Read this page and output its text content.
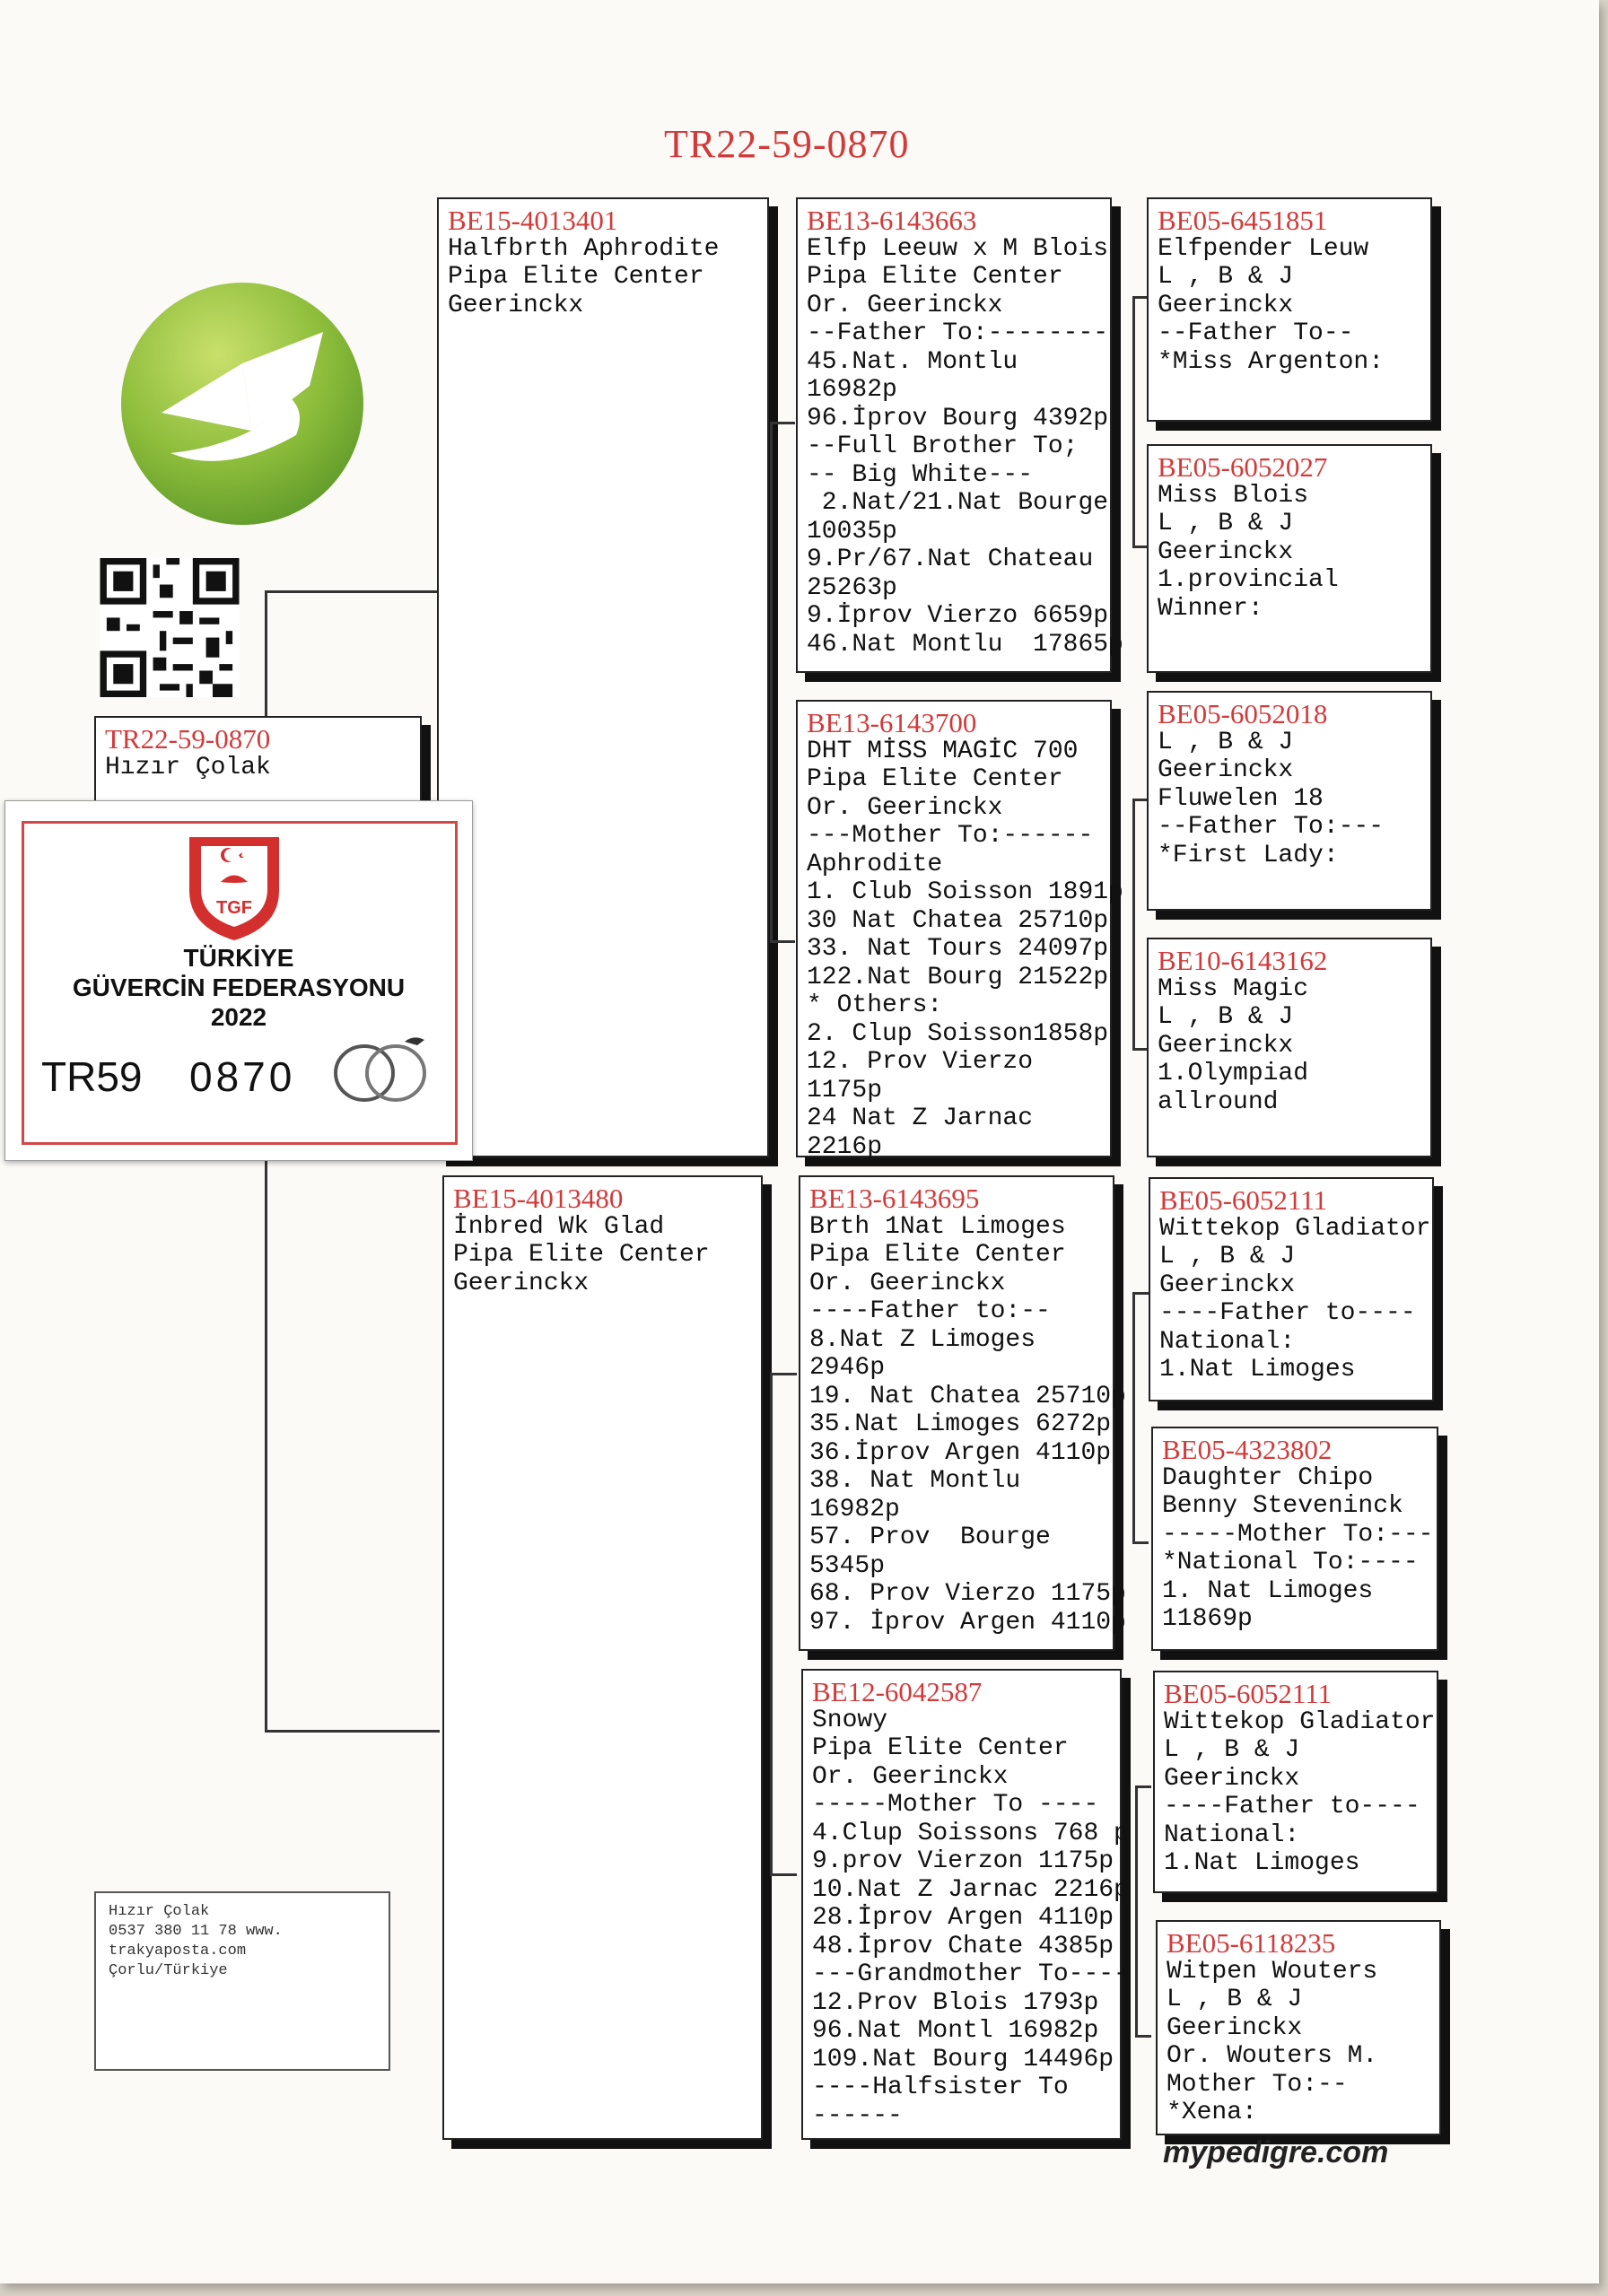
TR22-59-0870
TR22-59-0870
Hızır Çolak
BE15-4013401
Halfbrth Aphrodite
Pipa Elite Center
Geerinckx
BE15-4013480
İnbred Wk Glad
Pipa Elite Center
Geerinckx
BE13-6143663
Elfp Leeuw x M Blois
Pipa Elite Center
Or. Geerinckx
--Father To:--------
45.Nat. Montlu
16982p
96.İprov Bourg 4392p
--Full Brother To;
-- Big White---
2.Nat/21.Nat Bourge
10035p
9.Pr/67.Nat Chateau
25263p
9.İprov Vierzo 6659p
46.Nat Montlu  17865p
BE13-6143700
DHT MİSS MAGİC 700
Pipa Elite Center
Or. Geerinckx
---Mother To:------
Aphrodite
1. Club Soisson 1891p
30 Nat Chatea 25710p
33. Nat Tours 24097p
122.Nat Bourg 21522p
* Others:
2. Clup Soisson1858p
12. Prov Vierzo
1175p
24 Nat Z Jarnac
2216p
BE13-6143695
Brth 1Nat Limoges
Pipa Elite Center
Or. Geerinckx
----Father to:--
8.Nat Z Limoges
2946p
19. Nat Chatea 25710p
35.Nat Limoges 6272p
36.İprov Argen 4110p
38. Nat Montlu
16982p
57. Prov  Bourge
5345p
68. Prov Vierzo 1175p
97. İprov Argen 4110p
BE12-6042587
Snowy
Pipa Elite Center
Or. Geerinckx
-----Mother To ----
4.Clup Soissons 768 p
9.prov Vierzon 1175p
10.Nat Z Jarnac 2216p
28.İprov Argen 4110p
48.İprov Chate 4385p
---Grandmother To----
12.Prov Blois 1793p
96.Nat Montl 16982p
109.Nat Bourg 14496p
----Halfsister To
------
BE05-6451851
Elfpender Leuw
L , B & J
Geerinckx
--Father To--
*Miss Argenton:
BE05-6052027
Miss Blois
L , B & J
Geerinckx
1.provincial
Winner:
BE05-6052018
L , B & J
Geerinckx
Fluwelen 18
--Father To:---
*First Lady:
BE10-6143162
Miss Magic
L , B & J
Geerinckx
1.Olympiad
allround
BE05-6052111
Wittekop Gladiator
L , B & J
Geerinckx
----Father to----
National:
1.Nat Limoges
BE05-4323802
Daughter Chipo
Benny Steveninck
-----Mother To:---
*National To:----
1. Nat Limoges
11869p
BE05-6052111
Wittekop Gladiator
L , B & J
Geerinckx
----Father to----
National:
1.Nat Limoges
BE05-6118235
Witpen Wouters
L , B & J
Geerinckx
Or. Wouters M.
Mother To:--
*Xena:
Hızır Çolak
0537 380 11 78 www.
trakyaposta.com
Çorlu/Türkiye
mypedigre.com
TGF
TÜRKİYE
GÜVERCİN FEDERASYONU
2022
TR59 0870
